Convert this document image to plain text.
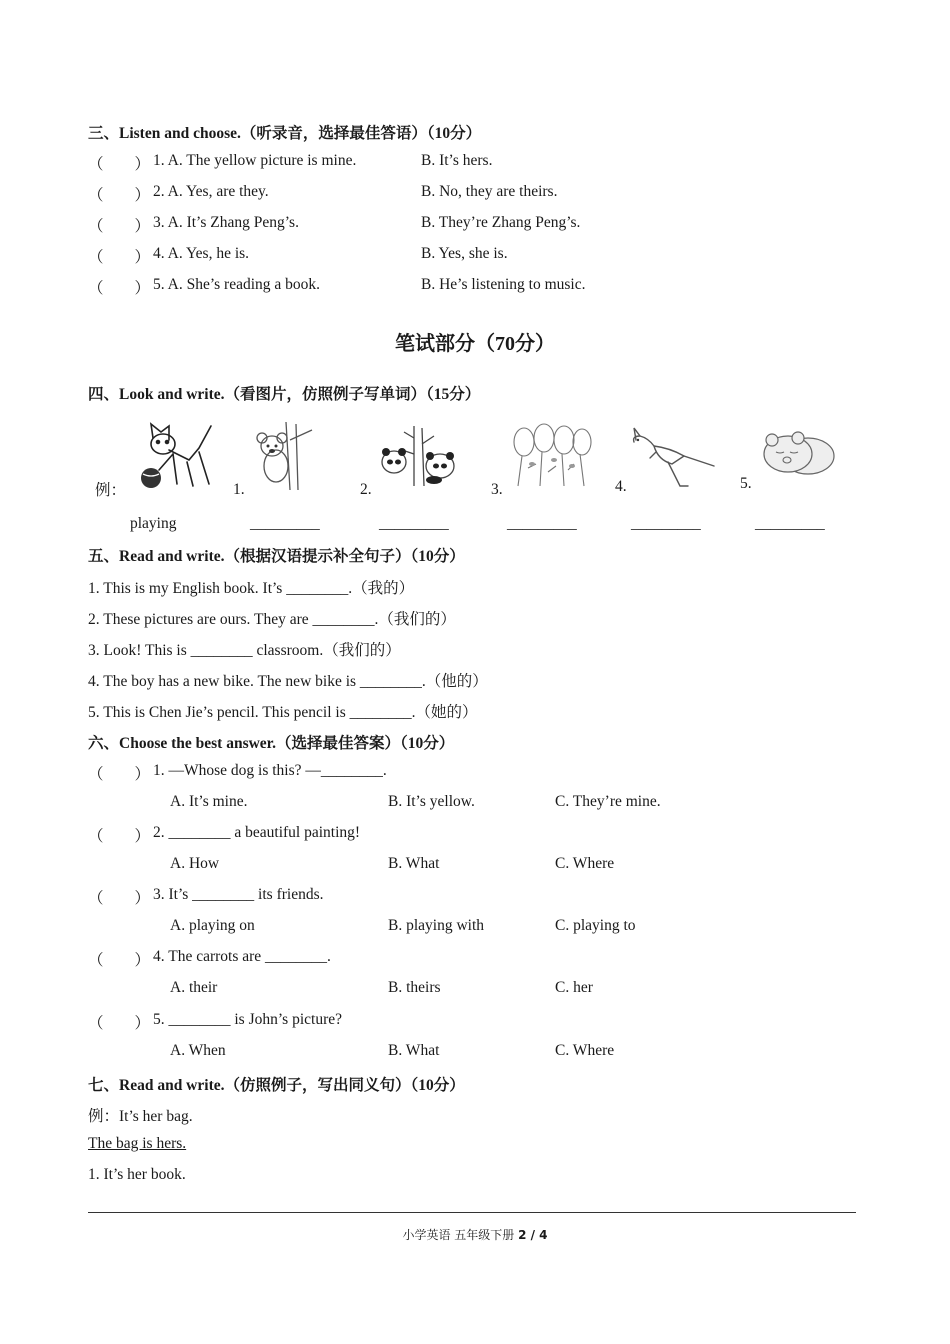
三、Listen and choose.（听录音，选择最佳答语）（10分）
（　　） 1. A. The yellow picture is mine.	B. It’s hers.
（　　） 2. A. Yes, are they.	B. No, they are theirs.
（　　） 3. A. It’s Zhang Peng’s.	B. They’re Zhang Peng’s.
（　　） 4. A. Yes, he is.	B. Yes, she is.
（　　） 5. A. She’s reading a book.	B. He’s listening to music.
笔试部分（70分）
四、Look and write.（看图片，仿照例子写单词）（15分）
例：	1.	2.	3.	4.	5.
playing	_________	_________	_________	_________	_________
五、Read and write.（根据汉语提示补全句子）（10分）
1. This is my English book. It’s ________.（我的）
2. These pictures are ours. They are ________.（我们的）
3. Look! This is ________ classroom.（我们的）
4. The boy has a new bike. The new bike is ________.（他的）
5. This is Chen Jie’s pencil. This pencil is ________.（她的）
六、Choose the best answer.（选择最佳答案）（10分）
（　　） 1. —Whose dog is this? —________.
A. It’s mine.	B. It’s yellow.	C. They’re mine.
（　　） 2. ________ a beautiful painting!
A. How	B. What	C. Where
（　　） 3. It’s ________ its friends.
A. playing on	B. playing with	C. playing to
（　　） 4. The carrots are ________.
A. their	B. theirs	C. her
（　　） 5. ________ is John’s picture?
A. When	B. What	C. Where
七、Read and write.（仿照例子，写出同义句）（10分）
例：It’s her bag.
The bag is hers.
1. It’s her book.
小学英语 五年级下册 2 / 4
